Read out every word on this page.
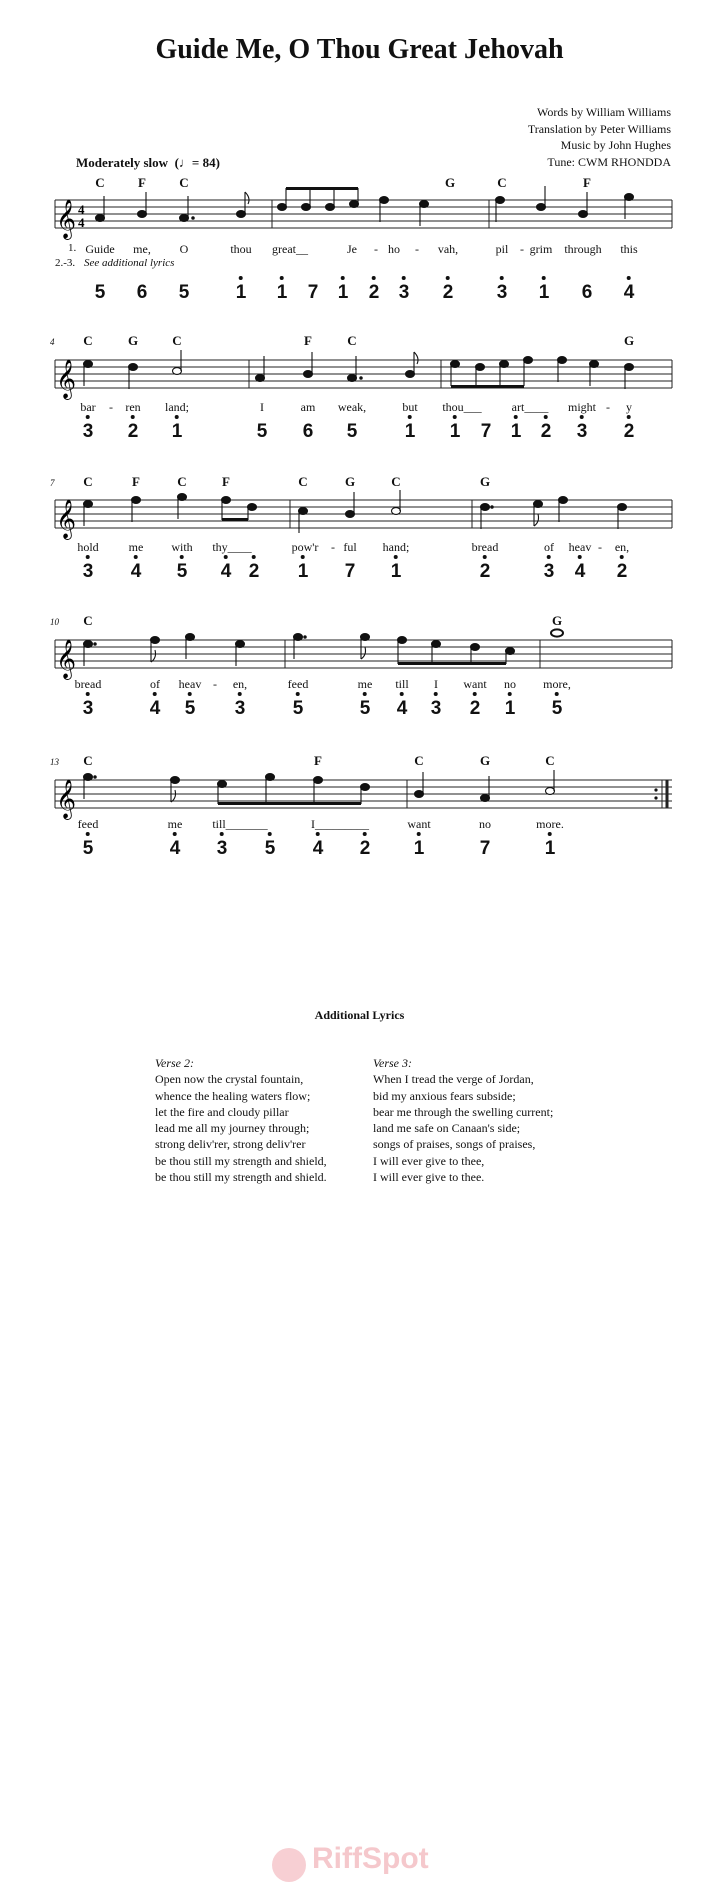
Guide Me, O Thou Great Jehovah
Words by William Williams
Translation by Peter Williams
Music by John Hughes
Tune: CWM RHONDDA
Moderately slow  (♩= 84)
C	F	C	G	C	F
𝄞 4
4
1.
2.-3. See additional lyrics
Guide me, O	thou great__	Je - ho - vah,	pil - grim through this
5 6 5 1 1 7 1 2 3 2 3 1 6 4
4 C	G	C	F	C	G
𝄞
bar - ren land;	I	am weak,	but thou___	art____ might - y
3 2 1	5 6 5 1 1 7 1 2 3 2
7 C	F	C	F	C	G	C	G
𝄞
hold me with thy____	pow'r - ful hand;	bread	of heav - en,
3 4 5 4 2 1 7 1	2	3 4 2
10 C	G
𝄞
bread	of heav - en,	feed	me till I want no more,
3	4 5 3 5	5 4 3 2 1 5
13 C	F	C	G	C
𝄞
feed	me till_______	I_________	want	no	more.
5	4 3 5 4 2 1	7	1
Additional Lyrics
Verse 2:
Open now the crystal fountain,
whence the healing waters flow;
let the fire and cloudy pillar
lead me all my journey through;
strong deliv'rer, strong deliv'rer
be thou still my strength and shield,
be thou still my strength and shield.
Verse 3:
When I tread the verge of Jordan,
bid my anxious fears subside;
bear me through the swelling current;
land me safe on Canaan's side;
songs of praises, songs of praises,
I will ever give to thee,
I will ever give to thee.
RiffSpot
